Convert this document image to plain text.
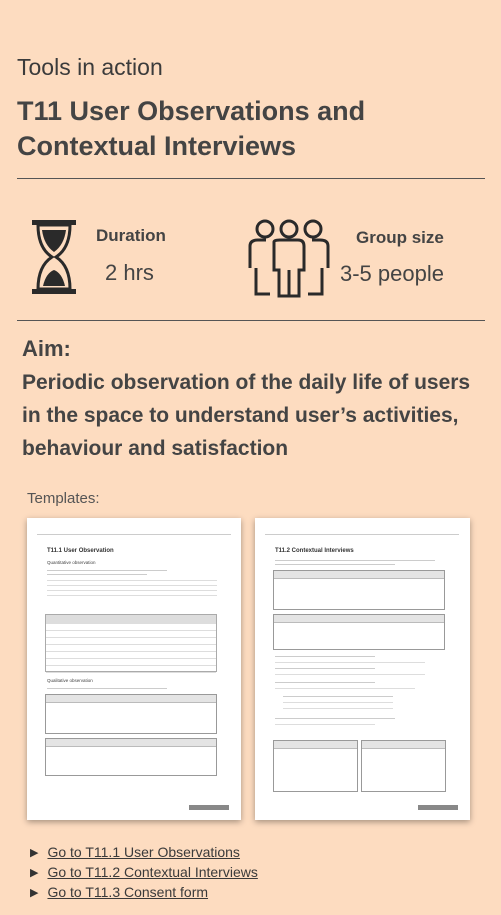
Tools in action
T11 User Observations and Contextual Interviews
Duration
2 hrs
Group size
3-5 people
Aim:
Periodic observation of the daily life of users in the space to understand user’s activities, behaviour and satisfaction
Templates:
T11.1 User Observation
Quantitative observation
Qualitative observation
T11.2 Contextual Interviews
▶ Go to T11.1 User Observations
▶ Go to T11.2 Contextual Interviews
▶ Go to T11.3 Consent form
